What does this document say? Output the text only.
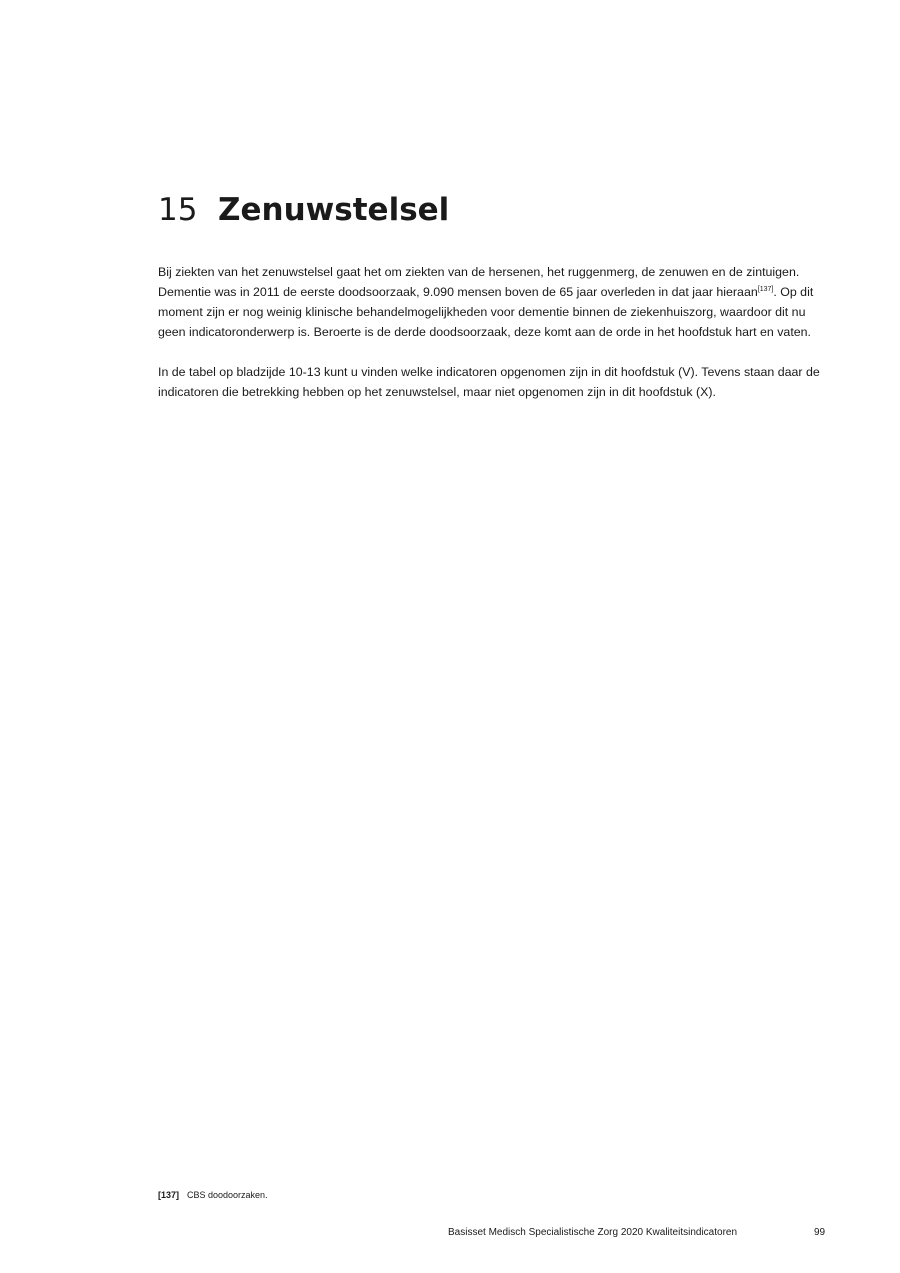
15 Zenuwstelsel

Bij ziekten van het zenuwstelsel gaat het om ziekten van de hersenen, het ruggenmerg, de zenuwen en de zintuigen. Dementie was in 2011 de eerste doodsoorzaak, 9.090 mensen boven de 65 jaar overleden in dat jaar hieraan[137]. Op dit moment zijn er nog weinig klinische behandelmogelijkheden voor dementie binnen de ziekenhuiszorg, waardoor dit nu geen indicatoronderwerp is. Beroerte is de derde doodsoorzaak, deze komt aan de orde in het hoofdstuk hart en vaten.

In de tabel op bladzijde 10-13 kunt u vinden welke indicatoren opgenomen zijn in dit hoofdstuk (V). Tevens staan daar de indicatoren die betrekking hebben op het zenuwstelsel, maar niet opgenomen zijn in dit hoofdstuk (X).

[137] CBS doodoorzaken.
Basisset Medisch Specialistische Zorg 2020 Kwaliteitsindicatoren	99
